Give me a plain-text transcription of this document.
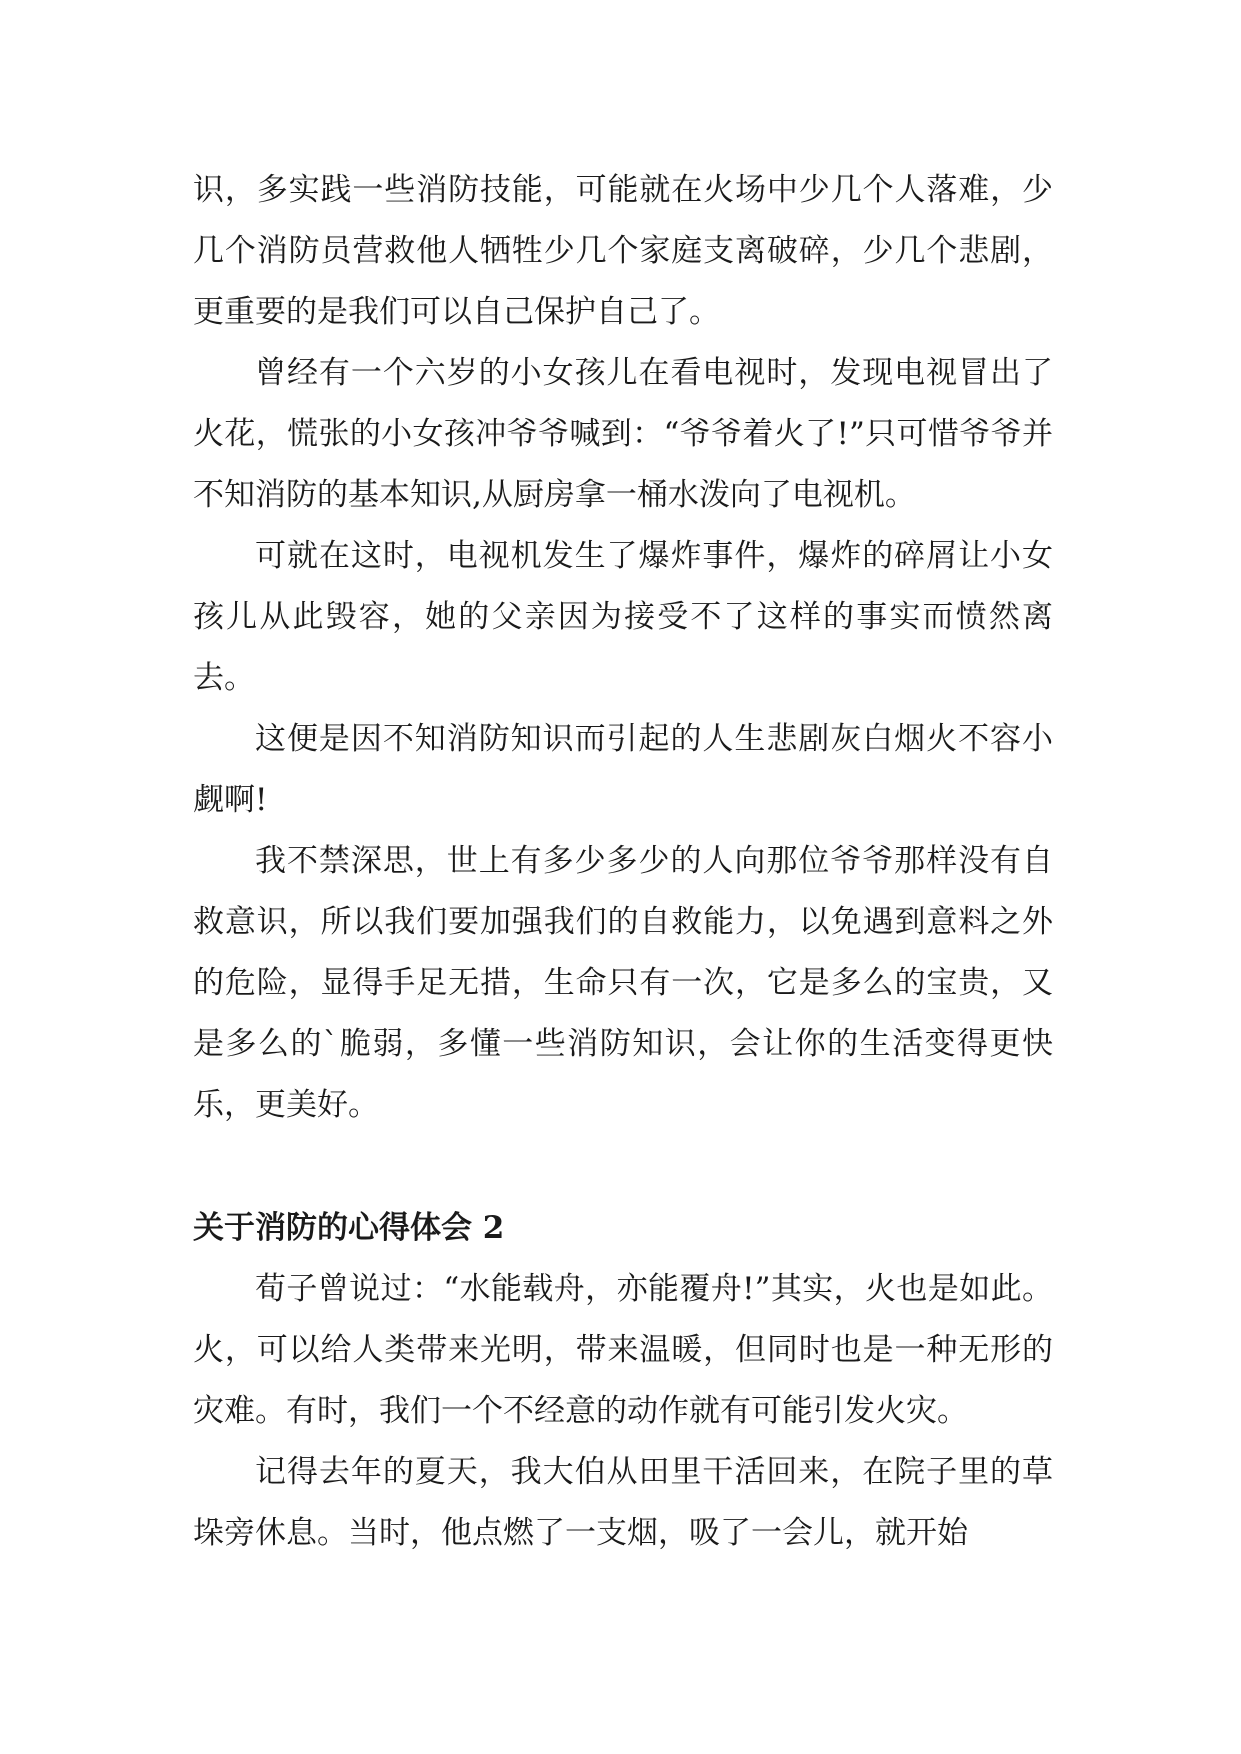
识，多实践一些消防技能，可能就在火场中少几个人落难，少几个消防员营救他人牺牲少几个家庭支离破碎，少几个悲剧，更重要的是我们可以自己保护自己了。

曾经有一个六岁的小女孩儿在看电视时，发现电视冒出了火花，慌张的小女孩冲爷爷喊到：“爷爷着火了!”只可惜爷爷并不知消防的基本知识,从厨房拿一桶水泼向了电视机。

可就在这时，电视机发生了爆炸事件，爆炸的碎屑让小女孩儿从此毁容，她的父亲因为接受不了这样的事实而愤然离去。

这便是因不知消防知识而引起的人生悲剧灰白烟火不容小觑啊!

我不禁深思，世上有多少多少的人向那位爷爷那样没有自救意识，所以我们要加强我们的自救能力，以免遇到意料之外的危险，显得手足无措，生命只有一次，它是多么的宝贵，又是多么的`脆弱，多懂一些消防知识，会让你的生活变得更快乐，更美好。

关于消防的心得体会 2

荀子曾说过：“水能载舟，亦能覆舟!”其实，火也是如此。火，可以给人类带来光明，带来温暖，但同时也是一种无形的灾难。有时，我们一个不经意的动作就有可能引发火灾。

记得去年的夏天，我大伯从田里干活回来，在院子里的草垛旁休息。当时，他点燃了一支烟，吸了一会儿，就开始
